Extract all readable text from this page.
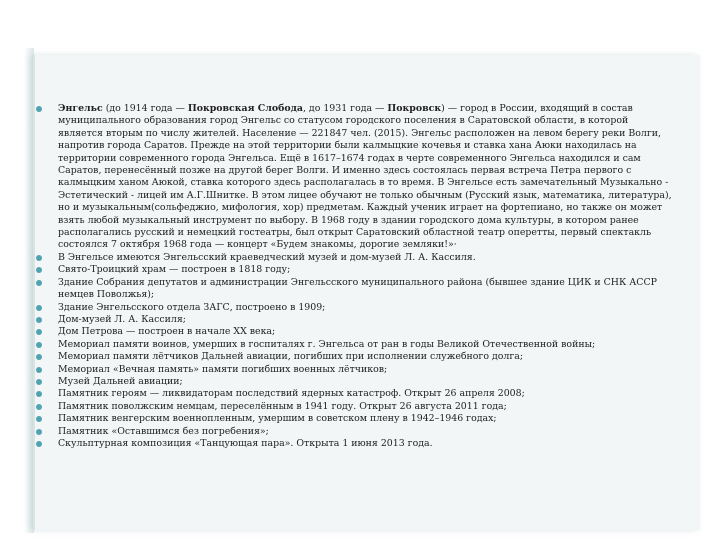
Энгельс (до 1914 года — Покровская Слобода, до 1931 года — Покровск) — город в России, входящий в состав муниципального образования город Энгельс со статусом городского поселения в Саратовской области, в которой является вторым по числу жителей. Население — 221847 чел. (2015). Энгельс расположен на левом берегу реки Волги, напротив города Саратов. Прежде на этой территории были калмыцкие кочевья и ставка хана Аюки находилась на территории современного города Энгельса. Ещё в 1617–1674 годах в черте современного Энгельса находился и сам Саратов, перенесённый позже на другой берег Волги. И именно здесь состоялась первая встреча Петра первого с калмыцким ханом Аюкой, ставка которого здесь располагалась в то время. В Энгельсе есть замечательный Музыкально - Эстетический - лицей им А.Г.Шнитке. В этом лицее обучают не только обычным (Русский язык, математика, литература), но и музыкальным(сольфеджио, мифология, хор) предметам. Каждый ученик играет на фортепиано, но также он может взять любой музыкальный инструмент по выбору. В 1968 году в здании городского дома культуры, в котором ранее располагались русский и немецкий гостеатры, был открыт Саратовский областной театр оперетты, первый спектакль состоялся 7 октября 1968 года — концерт «Будем знакомы, дорогие земляки!»·
В Энгельсе имеются Энгельсский краеведческий музей и дом-музей Л. А. Кассиля.
Свято-Троицкий храм — построен в 1818 году;
Здание Собрания депутатов и администрации Энгельсского муниципального района (бывшее здание ЦИК и СНК АССР немцев Поволжья);
Здание Энгельсского отдела ЗАГС, построено в 1909;
Дом-музей Л. А. Кассиля;
Дом Петрова — построен в начале XX века;
Мемориал памяти воинов, умерших в госпиталях г. Энгельса от ран в годы Великой Отечественной войны;
Мемориал памяти лётчиков Дальней авиации, погибших при исполнении служебного долга;
Мемориал «Вечная память» памяти погибших военных лётчиков;
Музей Дальней авиации;
Памятник героям — ликвидаторам последствий ядерных катастроф. Открыт 26 апреля 2008;
Памятник поволжским немцам, переселённым в 1941 году. Открыт 26 августа 2011 года;
Памятник венгерским военнопленным, умершим в советском плену в 1942–1946 годах;
Памятник «Оставшимся без погребения»;
Скульптурная композиция «Танцующая пара». Открыта 1 июня 2013 года.
